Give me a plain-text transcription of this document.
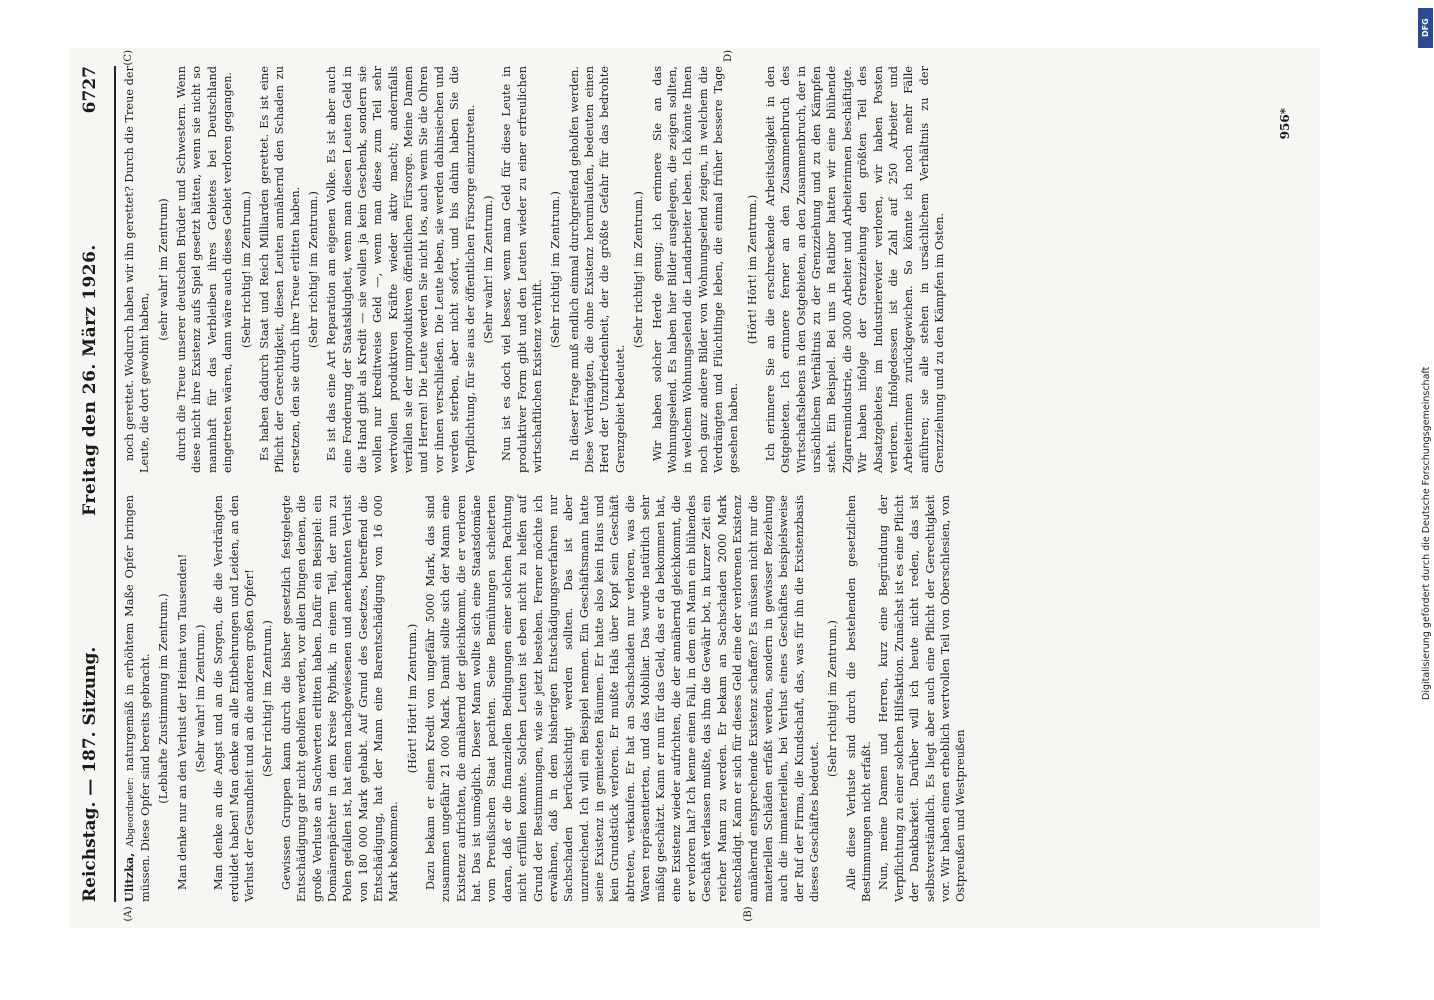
Reichstag. — 187. Sitzung.
Freitag den 26. März 1926.
6727
(A)	(B)

Ulitzka, Abgeordneter: naturgemäß in erhöhtem Maße Opfer bringen müssen. Diese Opfer sind bereits gebracht. (Lebhafte Zustimmung im Zentrum.) Man denke nur an den Verlust der Heimat von Tausenden! (Sehr wahr! im Zentrum.) Man denke an die Angst und an die Sorgen, die die Verdrängten erduldet haben! Man denke an alle Entbehrungen und Leiden, an den Verlust der Gesundheit und an die anderen großen Opfer! (Sehr richtig! im Zentrum.) Gewissen Gruppen kann durch die bisher gesetzlich festgelegte Entschädigung gar nicht geholfen werden, vor allen Dingen denen, die große Verluste an Sachwerten erlitten haben. Dafür ein Beispiel: ein Domänenpächter in dem Kreise Rybnik, in einem Teil, der nun zu Polen gefallen ist, hat einen nachgewiesenen und anerkannten Verlust von 180 000 Mark gehabt. Auf Grund des Gesetzes, betreffend die Entschädigung, hat der Mann eine Barentschädigung von 16 000 Mark bekommen.

(Hört! Hört! im Zentrum.) Dazu bekam er einen Kredit von ungefähr 5000 Mark, das sind zusammen ungefähr 21 000 Mark. Damit sollte sich der Mann eine Existenz aufrichten, die annähernd der gleichkommt, die er verloren hat. Das ist unmöglich. Dieser Mann wollte sich eine Staatsdomäne vom Preußischen Staat pachten. Seine Bemühungen scheiterten daran, daß er die finanziellen Bedingungen einer solchen Pachtung nicht erfüllen konnte. Solchen Leuten ist eben nicht zu helfen auf Grund der Bestimmungen, wie sie jetzt bestehen. Ferner möchte ich erwähnen, daß in dem bisherigen Entschädigungsverfahren nur Sachschaden berücksichtigt werden sollten. Das ist aber unzureichend. Ich will ein Beispiel nennen. Ein Geschäftsmann hatte seine Existenz in gemieteten Räumen. Er hatte also kein Haus und kein Grundstück verloren. Er mußte Hals über Kopf sein Geschäft abtreten, verkaufen. Er hat an Sachschaden nur verloren, was die Waren repräsentierten, und das Mobiliar. Das wurde natürlich sehr mäßig geschätzt. Kann er nun für das Geld, das er da bekommen hat, eine Existenz wieder aufrichten, die der annähernd gleichkommt, die er verloren hat? Ich kenne einen Fall, in dem ein Mann ein blühendes Geschäft verlassen mußte, das ihm die Gewähr bot, in kurzer Zeit ein reicher Mann zu werden. Er bekam an Sachschaden 2000 Mark entschädigt. Kann er sich für dieses Geld eine der verlorenen Existenz annähernd entsprechende Existenz schaffen? Es müssen nicht nur die materiellen Schäden erfaßt werden, sondern in gewisser Beziehung auch die immateriellen, bei Verlust eines Geschäftes beispielsweise der Ruf der Firma, die Kundschaft, das, was für ihn die Existenzbasis dieses Geschäftes bedeutet.

(Sehr richtig! im Zentrum.) Alle diese Verluste sind durch die bestehenden gesetzlichen Bestimmungen nicht erfaßt. Nun, meine Damen und Herren, kurz eine Begründung der Verpflichtung zu einer solchen Hilfsaktion. Zunächst ist es eine Pflicht der Dankbarkeit. Darüber will ich heute nicht reden, das ist selbstverständlich. Es liegt aber auch eine Pflicht der Gerechtigkeit vor. Wir haben einen erheblich wertvollen Teil von Oberschlesien, von Ostpreußen und Westpreußen

(C)	D)

noch gerettet. Wodurch haben wir ihn gerettet? Durch die Treue der Leute, die dort gewohnt haben,

(sehr wahr! im Zentrum) durch die Treue unserer deutschen Brüder und Schwestern. Wenn diese nicht ihre Existenz aufs Spiel gesetzt hätten, wenn sie nicht so mannhaft für das Verbleiben ihres Gebietes bei Deutschland eingetreten wären, dann wäre auch dieses Gebiet verloren gegangen. (Sehr richtig! im Zentrum.) Es haben dadurch Staat und Reich Milliarden gerettet. Es ist eine Pflicht der Gerechtigkeit, diesen Leuten annähernd den Schaden zu ersetzen, den sie durch ihre Treue erlitten haben. (Sehr richtig! im Zentrum.) Es ist das eine Art Reparation am eigenen Volke. Es ist aber auch eine Forderung der Staatsklugheit, wenn man diesen Leuten Geld in die Hand gibt als Kredit — sie wollen ja kein Geschenk, sondern sie wollen nur kreditweise Geld —, wenn man diese zum Teil sehr wertvollen produktiven Kräfte wieder aktiv macht; andernfalls verfallen sie der unproduktiven öffentlichen Fürsorge. Meine Damen und Herren! Die Leute werden Sie nicht los, auch wenn Sie die Ohren vor ihnen verschließen. Die Leute leben, sie werden dahinsiechen und werden sterben, aber nicht sofort, und bis dahin haben Sie die Verpflichtung, für sie aus der öffentlichen Fürsorge einzutreten. (Sehr wahr! im Zentrum.) Nun ist es doch viel besser, wenn man Geld für diese Leute in produktiver Form gibt und den Leuten wieder zu einer erfreulichen wirtschaftlichen Existenz verhilft.

(Sehr richtig! im Zentrum.) In dieser Frage muß endlich einmal durchgreifend geholfen werden. Diese Verdrängten, die ohne Existenz herumlaufen, bedeuten einen Herd der Unzufriedenheit, der die größte Gefahr für das bedrohte Grenzgebiet bedeutet.

(Sehr richtig! im Zentrum.) Wir haben solcher Herde genug; ich erinnere Sie an das Wohnungselend. Es haben hier Bilder ausgelegen, die zeigen sollten, in welchem Wohnungselend die Landarbeiter leben. Ich könnte Ihnen noch ganz andere Bilder von Wohnungselend zeigen, in welchem die Verdrängten und Flüchtlinge leben, die einmal früher bessere Tage gesehen haben.

(Hört! Hört! im Zentrum.) Ich erinnere Sie an die erschreckende Arbeitslosigkeit in den Ostgebieten. Ich erinnere ferner an den Zusammenbruch des Wirtschaftslebens in den Ostgebieten, an den Zusammenbruch, der in ursächlichem Verhältnis zu der Grenzziehung und zu den Kämpfen steht. Ein Beispiel. Bei uns in Ratibor hatten wir eine blühende Zigarrenindustrie, die 3000 Arbeiter und Arbeiterinnen beschäftigte. Wir haben infolge der Grenzziehung den größten Teil des Absatzgebietes im Industrierevier verloren, wir haben Posten verloren. Infolgedessen ist die Zahl auf 250 Arbeiter und Arbeiterinnen zurückgewichen. So könnte ich noch mehr Fälle anführen; sie alle stehen in ursächlichem Verhältnis zu der Grenzziehung und zu den Kämpfen im Osten.

956*
DFG
Digitalisierung gefördert durch die Deutsche Forschungsgemeinschaft
